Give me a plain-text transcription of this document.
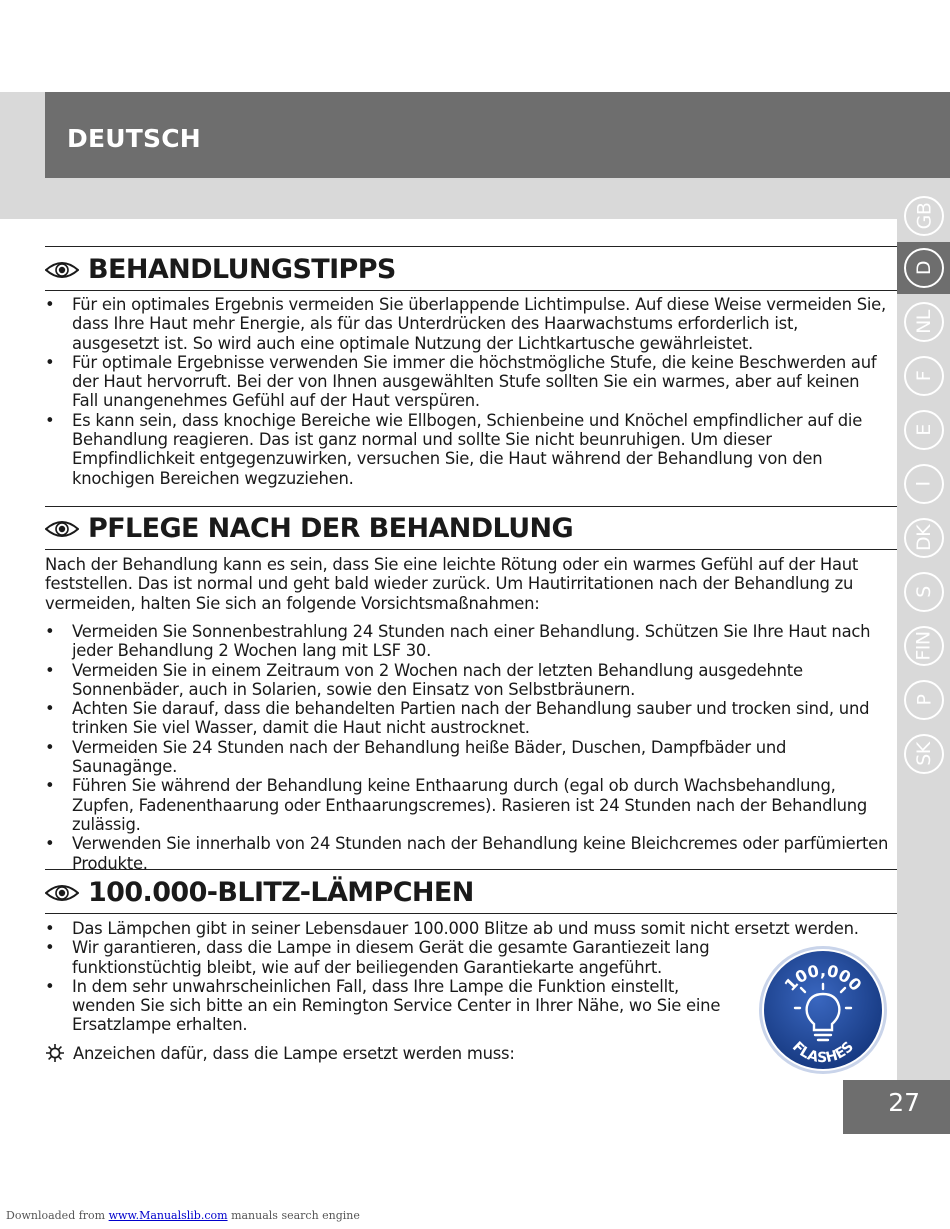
DEUTSCH
GB
D
NL
F
E
I
DK
S
FIN
P
SK
BEHANDLUNGSTIPPS
• Für ein optimales Ergebnis vermeiden Sie überlappende Lichtimpulse. Auf diese Weise vermeiden Sie, dass Ihre Haut mehr Energie, als für das Unterdrücken des Haarwachstums erforderlich ist, ausgesetzt ist. So wird auch eine optimale Nutzung der Lichtkartusche gewährleistet.
• Für optimale Ergebnisse verwenden Sie immer die höchstmögliche Stufe, die keine Beschwerden auf der Haut hervorruft. Bei der von Ihnen ausgewählten Stufe sollten Sie ein warmes, aber auf keinen Fall unangenehmes Gefühl auf der Haut verspüren.
• Es kann sein, dass knochige Bereiche wie Ellbogen, Schienbeine und Knöchel empfindlicher auf die Behandlung reagieren. Das ist ganz normal und sollte Sie nicht beunruhigen. Um dieser Empfindlichkeit entgegenzuwirken, versuchen Sie, die Haut während der Behandlung von den knochigen Bereichen wegzuziehen.
PFLEGE NACH DER BEHANDLUNG
Nach der Behandlung kann es sein, dass Sie eine leichte Rötung oder ein warmes Gefühl auf der Haut feststellen. Das ist normal und geht bald wieder zurück. Um Hautirritationen nach der Behandlung zu vermeiden, halten Sie sich an folgende Vorsichtsmaßnahmen:
• Vermeiden Sie Sonnenbestrahlung 24 Stunden nach einer Behandlung. Schützen Sie Ihre Haut nach jeder Behandlung 2 Wochen lang mit LSF 30.
• Vermeiden Sie in einem Zeitraum von 2 Wochen nach der letzten Behandlung ausgedehnte Sonnenbäder, auch in Solarien, sowie den Einsatz von Selbstbräunern.
• Achten Sie darauf, dass die behandelten Partien nach der Behandlung sauber und trocken sind, und trinken Sie viel Wasser, damit die Haut nicht austrocknet.
• Vermeiden Sie 24 Stunden nach der Behandlung heiße Bäder, Duschen, Dampfbäder und Saunagänge.
• Führen Sie während der Behandlung keine Enthaarung durch (egal ob durch Wachsbehandlung, Zupfen, Fadenenthaarung oder Enthaarungscremes). Rasieren ist 24 Stunden nach der Behandlung zulässig.
• Verwenden Sie innerhalb von 24 Stunden nach der Behandlung keine Bleichcremes oder parfümierten Produkte.
100.000-BLITZ-LÄMPCHEN
• Das Lämpchen gibt in seiner Lebensdauer 100.000 Blitze ab und muss somit nicht ersetzt werden.
• Wir garantieren, dass die Lampe in diesem Gerät die gesamte Garantiezeit lang funktionstüchtig bleibt, wie auf der beiliegenden Garantiekarte angeführt.
• In dem sehr unwahrscheinlichen Fall, dass Ihre Lampe die Funktion einstellt, wenden Sie sich bitte an ein Remington Service Center in Ihrer Nähe, wo Sie eine Ersatzlampe erhalten.
Anzeichen dafür, dass die Lampe ersetzt werden muss:
100,000
FLASHES
27
Downloaded from www.Manualslib.com manuals search engine
